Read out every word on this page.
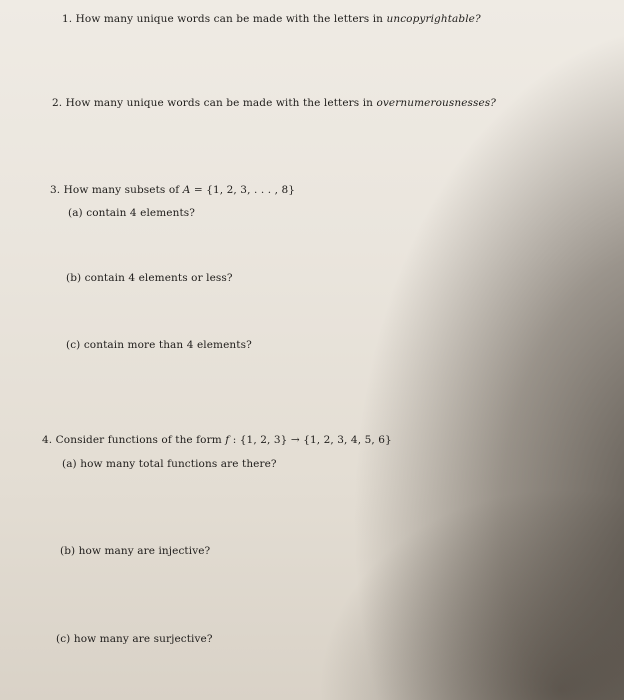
1. How many unique words can be made with the letters in uncopyrightable?

2. How many unique words can be made with the letters in overnumerousnesses?

3. How many subsets of A = {1, 2, 3, . . . , 8}

(a) contain 4 elements?

(b) contain 4 elements or less?

(c) contain more than 4 elements?

4. Consider functions of the form f : {1, 2, 3} → {1, 2, 3, 4, 5, 6}

(a) how many total functions are there?

(b) how many are injective?

(c) how many are surjective?
